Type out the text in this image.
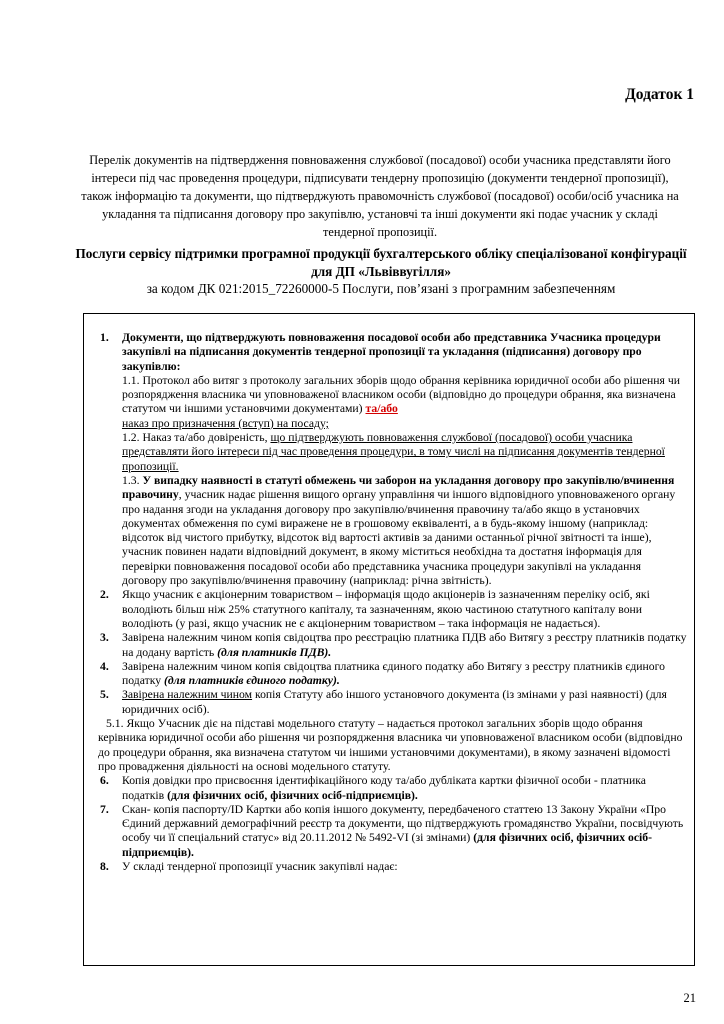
Додаток 1
Перелік документів на підтвердження повноваження службової (посадової) особи учасника представляти його інтереси під час проведення процедури, підписувати тендерну пропозицію (документи тендерної пропозиції), також інформацію та документи, що підтверджують правомочність службової (посадової) особи/осіб учасника на укладання та підписання договору про закупівлю, установчі та інші документи які подає учасник у складі тендерної пропозиції.
Послуги сервісу підтримки програмної продукції бухгалтерського обліку спеціалізованої конфігурації для ДП «Львіввугілля»
за кодом ДК 021:2015_72260000-5 Послуги, пов’язані з програмним забезпеченням
1. Документи, що підтверджують повноваження посадової особи або представника Учасника процедури закупівлі на підписання документів тендерної пропозиції та укладання (підписання) договору про закупівлю:

1.1. Протокол або витяг з протоколу загальних зборів щодо обрання керівника юридичної особи або рішення чи розпорядження власника чи уповноваженої власником особи (відповідно до процедури обрання, яка визначена статутом чи іншими установчими документами) та/або
наказ про призначення (вступ) на посаду;

1.2. Наказ та/або довіреність, що підтверджують повноваження службової (посадової) особи учасника представляти його інтереси під час проведення процедури, в тому числі на підписання документів тендерної пропозиції.

1.3. У випадку наявності в статуті обмежень чи заборон на укладання договору про закупівлю/вчинення правочину, учасник надає рішення вищого органу управління чи іншого відповідного уповноваженого органу про надання згоди на укладання договору про закупівлю/вчинення правочину та/або якщо в установчих документах обмеження по сумі виражене не в грошовому еквіваленті, а в будь-якому іншому (наприклад: відсоток від чистого прибутку, відсоток від вартості активів за даними останньої річної звітності та інше), учасник повинен надати відповідний документ, в якому міститься необхідна та достатня інформація для перевірки повноваження посадової особи або представника учасника процедури закупівлі на укладання договору про закупівлю/вчинення правочину (наприклад: річна звітність).

2. Якщо учасник є акціонерним товариством – інформація щодо акціонерів із зазначенням переліку осіб, які володіють більш ніж 25% статутного капіталу, та зазначенням, якою частиною статутного капіталу вони володіють (у разі, якщо учасник не є акціонерним товариством – така інформація не надається).

3. Завірена належним чином копія свідоцтва про реєстрацію платника ПДВ або Витягу з реєстру платників податку на додану вартість (для платників ПДВ).

4. Завірена належним чином копія свідоцтва платника єдиного податку або Витягу з реєстру платників єдиного податку (для платників єдиного податку).

5. Завірена належним чином копія Статуту або іншого установчого документа (із змінами у разі наявності) (для юридичних осіб).

5.1. Якщо Учасник діє на підставі модельного статуту – надається протокол загальних зборів щодо обрання керівника юридичної особи або рішення чи розпорядження власника чи уповноваженої власником особи (відповідно до процедури обрання, яка визначена статутом чи іншими установчими документами), в якому зазначені відомості про провадження діяльності на основі модельного статуту.

6. Копія довідки про присвоєння ідентифікаційного коду та/або дубліката картки фізичної особи - платника податків (для фізичних осіб, фізичних осіб-підприємців).

7. Скан- копія паспорту/ID Картки або копія іншого документу, передбаченого статтею 13 Закону України «Про Єдиний державний демографічний реєстр та документи, що підтверджують громадянство України, посвідчують особу чи її спеціальний статус» від 20.11.2012 № 5492-VI (зі змінами) (для фізичних осіб, фізичних осіб-підприємців).

8. У складі тендерної пропозиції учасник закупівлі надає:

21
